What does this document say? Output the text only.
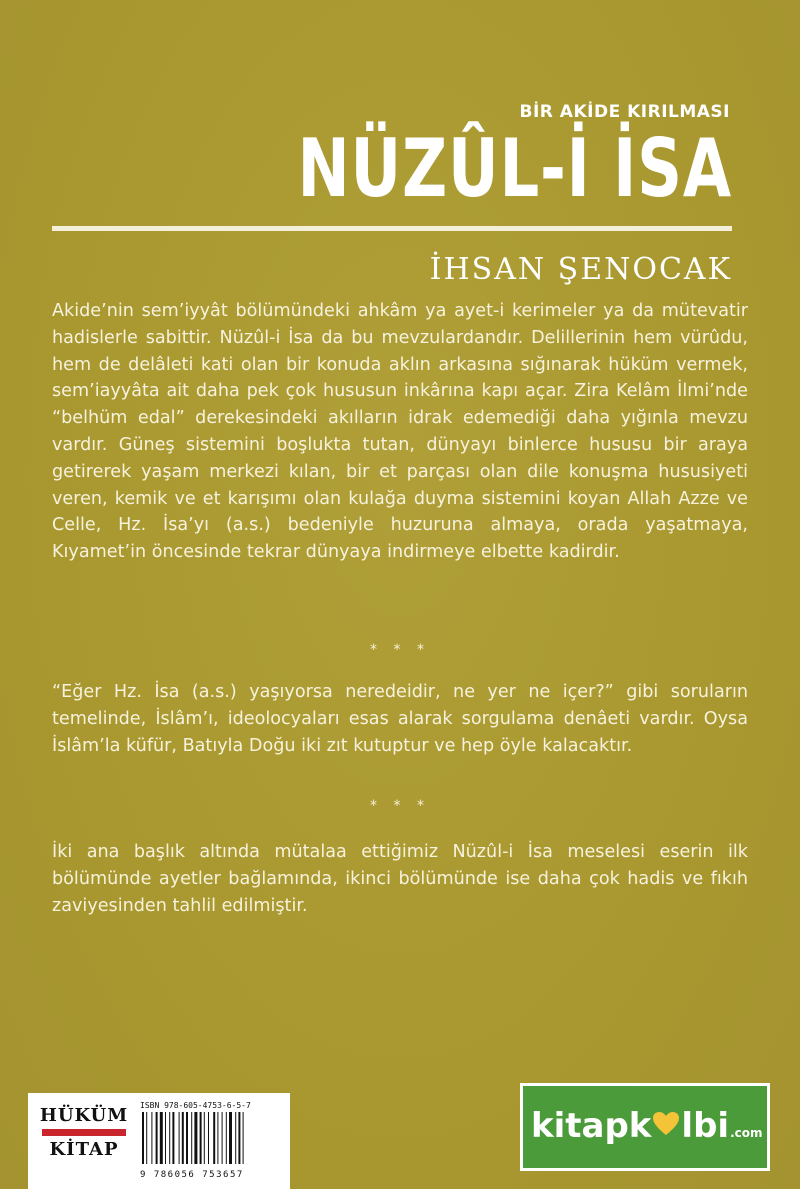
BİR AKİDE KIRILMASI
NÜZÛL-İ İSA
İHSAN ŞENOCAK
Akide’nin sem’iyyât bölümündeki ahkâm ya ayet-i kerimeler ya da mütevatir hadislerle sabittir. Nüzûl-i İsa da bu mevzulardandır. Delillerinin hem vürûdu, hem de delâleti kati olan bir konuda aklın arkasına sığınarak hüküm vermek, sem’iayyâta ait daha pek çok hususun inkârına kapı açar. Zira Kelâm İlmi’nde “belhüm edal” derekesindeki akılların idrak edemediği daha yığınla mevzu vardır. Güneş sistemini boşlukta tutan, dünyayı binlerce hususu bir araya getirerek yaşam merkezi kılan, bir et parçası olan dile konuşma hususiyeti veren, kemik ve et karışımı olan kulağa duyma sistemini koyan Allah Azze ve Celle, Hz. İsa’yı (a.s.) bedeniyle huzuruna almaya, orada yaşatmaya, Kıyamet’in öncesinde tekrar dünyaya indirmeye elbette kadirdir.
* * *
“Eğer Hz. İsa (a.s.) yaşıyorsa neredeidir, ne yer ne içer?” gibi soruların temelinde, İslâm’ı, ideolocyaları esas alarak sorgulama denâeti vardır. Oysa İslâm’la küfür, Batıyla Doğu iki zıt kutuptur ve hep öyle kalacaktır.
* * *
İki ana başlık altında mütalaa ettiğimiz Nüzûl-i İsa meselesi eserin ilk bölümünde ayetler bağlamında, ikinci bölümünde ise daha çok hadis ve fıkıh zaviyesinden tahlil edilmiştir.
HÜKÜM
KİTAP
ISBN 978-605-4753-6-5-7
9 786056 753657
kitapk lbi .com
